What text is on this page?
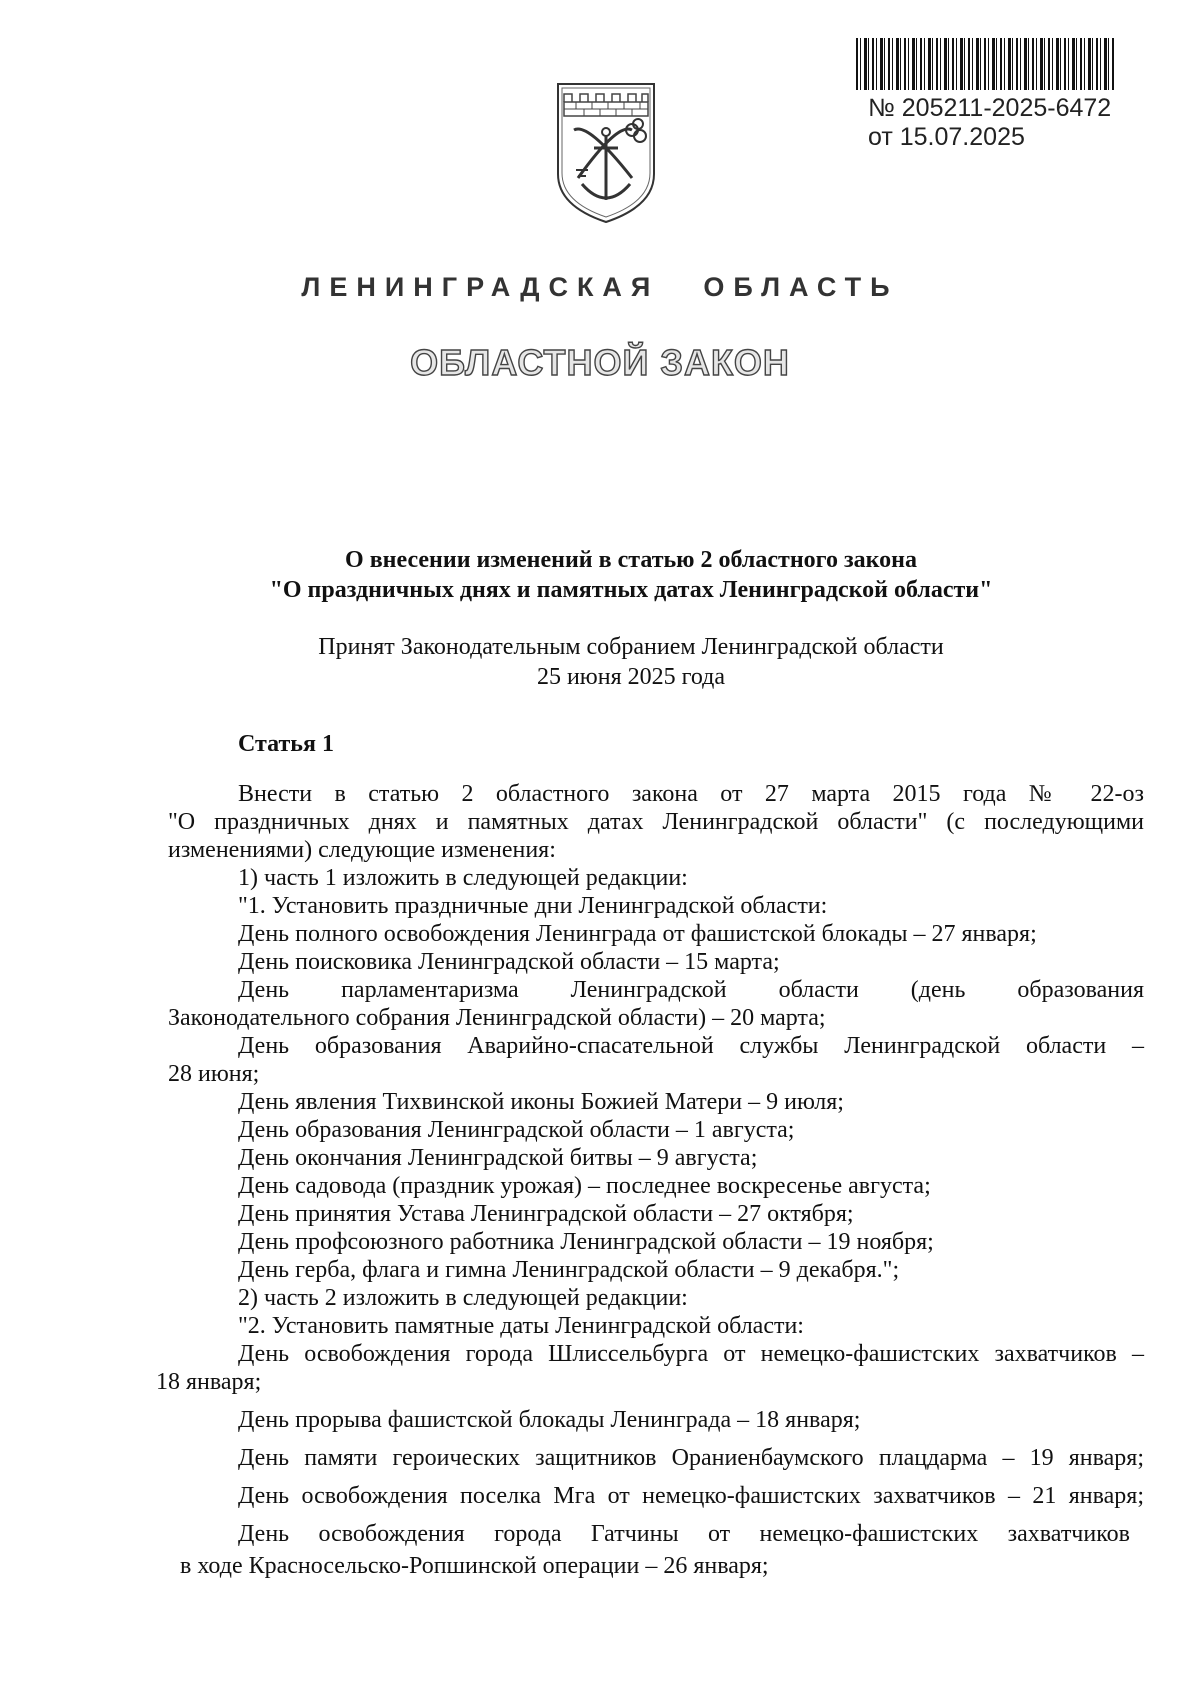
№ 205211-2025-6472
от 15.07.2025
ЛЕНИНГРАДСКАЯ ОБЛАСТЬ
ОБЛАСТНОЙ ЗАКОН
О внесении изменений в статью 2 областного закона
"О праздничных днях и памятных датах Ленинградской области"
Принят Законодательным собранием Ленинградской области
25 июня 2025 года
Статья 1
Внести в статью 2 областного закона от 27 марта 2015 года № 22-оз
"О праздничных днях и памятных датах Ленинградской области" (с последующими
изменениями) следующие изменения:
1) часть 1 изложить в следующей редакции:
"1. Установить праздничные дни Ленинградской области:
День полного освобождения Ленинграда от фашистской блокады – 27 января;
День поисковика Ленинградской области – 15 марта;
День парламентаризма Ленинградской области (день образования
Законодательного собрания Ленинградской области) – 20 марта;
День образования Аварийно-спасательной службы Ленинградской области –
28 июня;
День явления Тихвинской иконы Божией Матери – 9 июля;
День образования Ленинградской области – 1 августа;
День окончания Ленинградской битвы – 9 августа;
День садовода (праздник урожая) – последнее воскресенье августа;
День принятия Устава Ленинградской области – 27 октября;
День профсоюзного работника Ленинградской области – 19 ноября;
День герба, флага и гимна Ленинградской области – 9 декабря.";
2) часть 2 изложить в следующей редакции:
"2. Установить памятные даты Ленинградской области:
День освобождения города Шлиссельбурга от немецко-фашистских захватчиков –
18 января;
День прорыва фашистской блокады Ленинграда – 18 января;
День памяти героических защитников Ораниенбаумского плацдарма – 19 января;
День освобождения поселка Мга от немецко-фашистских захватчиков – 21 января;
День освобождения города Гатчины от немецко-фашистских захватчиков
в ходе Красносельско-Ропшинской операции – 26 января;
